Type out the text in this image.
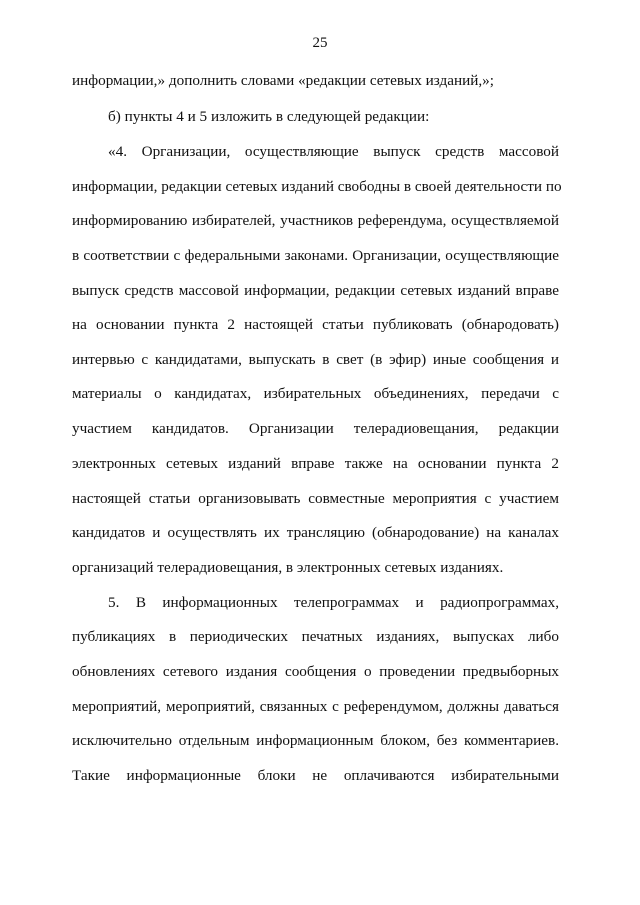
25
информации,» дополнить словами «редакции сетевых изданий,»;
б) пункты 4 и 5 изложить в следующей редакции:
«4. Организации, осуществляющие выпуск средств массовой
информации, редакции сетевых изданий свободны в своей деятельности по
информированию избирателей, участников референдума, осуществляемой
в соответствии с федеральными законами. Организации, осуществляющие
выпуск средств массовой информации, редакции сетевых изданий вправе
на основании пункта 2 настоящей статьи публиковать (обнародовать)
интервью с кандидатами, выпускать в свет (в эфир) иные сообщения и
материалы о кандидатах, избирательных объединениях, передачи с
участием кандидатов. Организации телерадиовещания, редакции
электронных сетевых изданий вправе также на основании пункта 2
настоящей статьи организовывать совместные мероприятия с участием
кандидатов и осуществлять их трансляцию (обнародование) на каналах
организаций телерадиовещания, в электронных сетевых изданиях.
5. В информационных телепрограммах и радиопрограммах,
публикациях в периодических печатных изданиях, выпусках либо
обновлениях сетевого издания сообщения о проведении предвыборных
мероприятий, мероприятий, связанных с референдумом, должны даваться
исключительно отдельным информационным блоком, без комментариев.
Такие информационные блоки не оплачиваются избирательными
